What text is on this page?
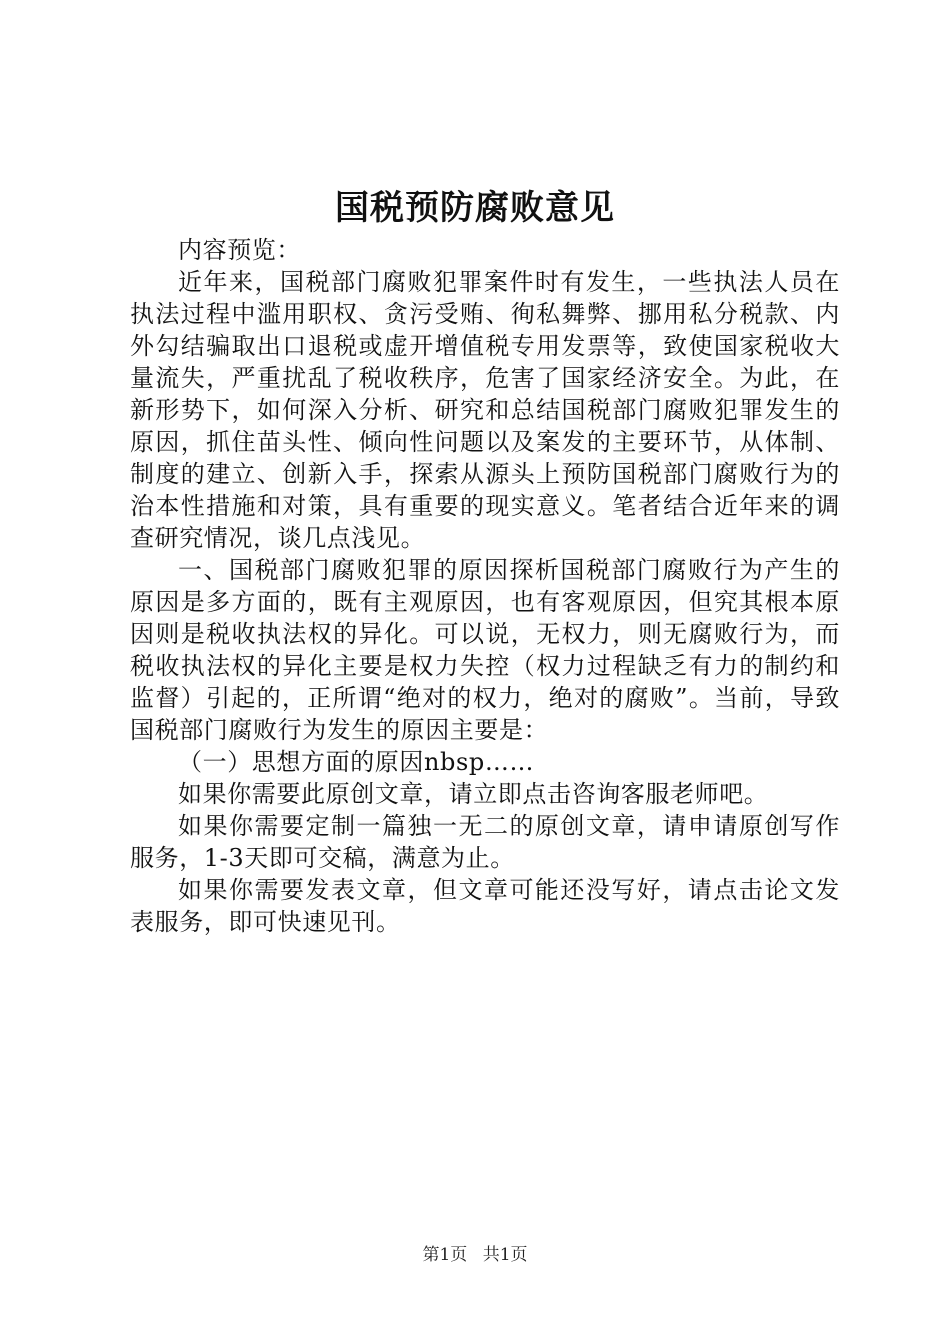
国税预防腐败意见

内容预览：

近年来，国税部门腐败犯罪案件时有发生，一些执法人员在执法过程中滥用职权、贪污受贿、徇私舞弊、挪用私分税款、内外勾结骗取出口退税或虚开增值税专用发票等，致使国家税收大量流失，严重扰乱了税收秩序，危害了国家经济安全。为此，在新形势下，如何深入分析、研究和总结国税部门腐败犯罪发生的原因，抓住苗头性、倾向性问题以及案发的主要环节，从体制、制度的建立、创新入手，探索从源头上预防国税部门腐败行为的治本性措施和对策，具有重要的现实意义。笔者结合近年来的调查研究情况，谈几点浅见。

一、国税部门腐败犯罪的原因探析国税部门腐败行为产生的原因是多方面的，既有主观原因，也有客观原因，但究其根本原因则是税收执法权的异化。可以说，无权力，则无腐败行为，而税收执法权的异化主要是权力失控（权力过程缺乏有力的制约和监督）引起的，正所谓“绝对的权力，绝对的腐败”。当前，导致国税部门腐败行为发生的原因主要是：

（一）思想方面的原因nbsp……

如果你需要此原创文章，请立即点击咨询客服老师吧。

如果你需要定制一篇独一无二的原创文章，请申请原创写作服务，1-3天即可交稿，满意为止。

如果你需要发表文章，但文章可能还没写好，请点击论文发表服务，即可快速见刊。

第1页 共1页
